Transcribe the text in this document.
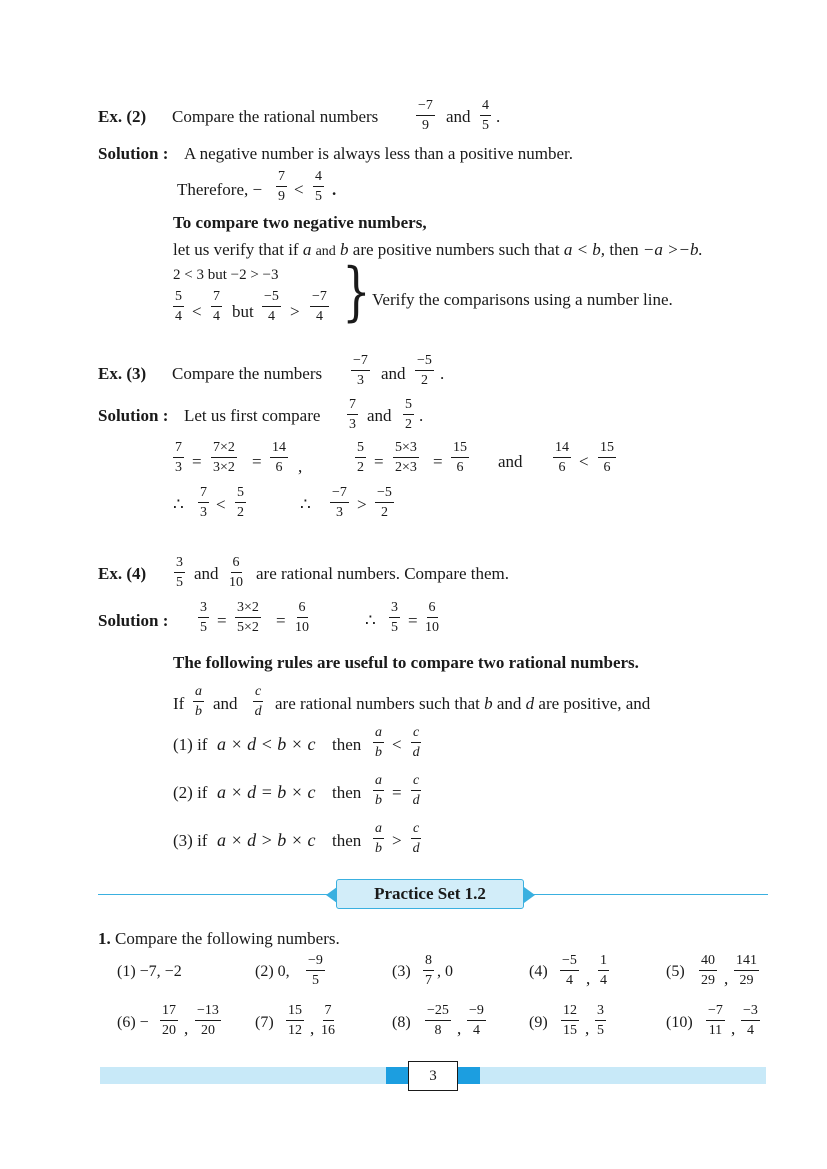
Ex. (2) Compare the rational numbers	$\frac{-7}{9}$ and $\frac{4}{5}$ .
Solution : A negative number is always less than a positive number.
Therefore, − $\frac{7}{9} < \frac{4}{5}$ .
To compare two negative numbers,
let us verify that if a and b are positive numbers such that a < b, then −a >−b.
2 < 3 but −2 > −3
$\frac{5}{4} < \frac{7}{4}$ but $\frac{-5}{4} > \frac{-7}{4}$ } Verify the comparisons using a number line.
Ex. (3) Compare the numbers $\frac{-7}{3}$ and $\frac{-5}{2}$ .
Solution : Let us first compare $\frac{7}{3}$ and $\frac{5}{2}$ .
$\frac{7}{3} = \frac{7\times 2}{3\times 2} = \frac{14}{6}$ ,	$\frac{5}{2} = \frac{5\times 3}{2\times 3} = \frac{15}{6}$ and $\frac{14}{6} < \frac{15}{6}$
∴ $\frac{7}{3} < \frac{5}{2}$	∴ $\frac{-7}{3} > \frac{-5}{2}$
Ex. $(4) \frac{3}{5}$ and $\frac{6}{10}$ are rational numbers. Compare them.
Solution : $\frac{3}{5} = \frac{3\times 2}{5\times 2} = \frac{6}{10}$	∴ $\frac{3}{5} = \frac{6}{10}$
The following rules are useful to compare two rational numbers.
If $\frac{a}{b}$ and $\frac{c}{d}$ are rational numbers such that b and d are positive, and
(1) if a × d < b × c then $\frac{a}{b} < \frac{c}{d}$
(2) if a × d = b × c then $\frac{a}{b} = \frac{c}{d}$
(3) if a × d > b × c then $\frac{a}{b} > \frac{c}{d}$
Practice Set 1.2
1. Compare the following numbers.
(1) −7, −2	(2) 0, $\frac{-9}{5}$	$(3) \frac{8}{7}$ , 0	$(4) \frac{-5}{4}$ , $\frac{1}{4}$	$(5) \frac{40}{29}$ , $\frac{141}{29}$
$(6) - \frac{17}{20}$ , $\frac{-13}{20} (7) \frac{15}{12}$ , $\frac{7}{16}$	$(8) \frac{-25}{8}$ , $\frac{-9}{4}$	$(9) \frac{12}{15}$ , $\frac{3}{5}$	$(10) \frac{-7}{11}$ , $\frac{-3}{4}$
3
